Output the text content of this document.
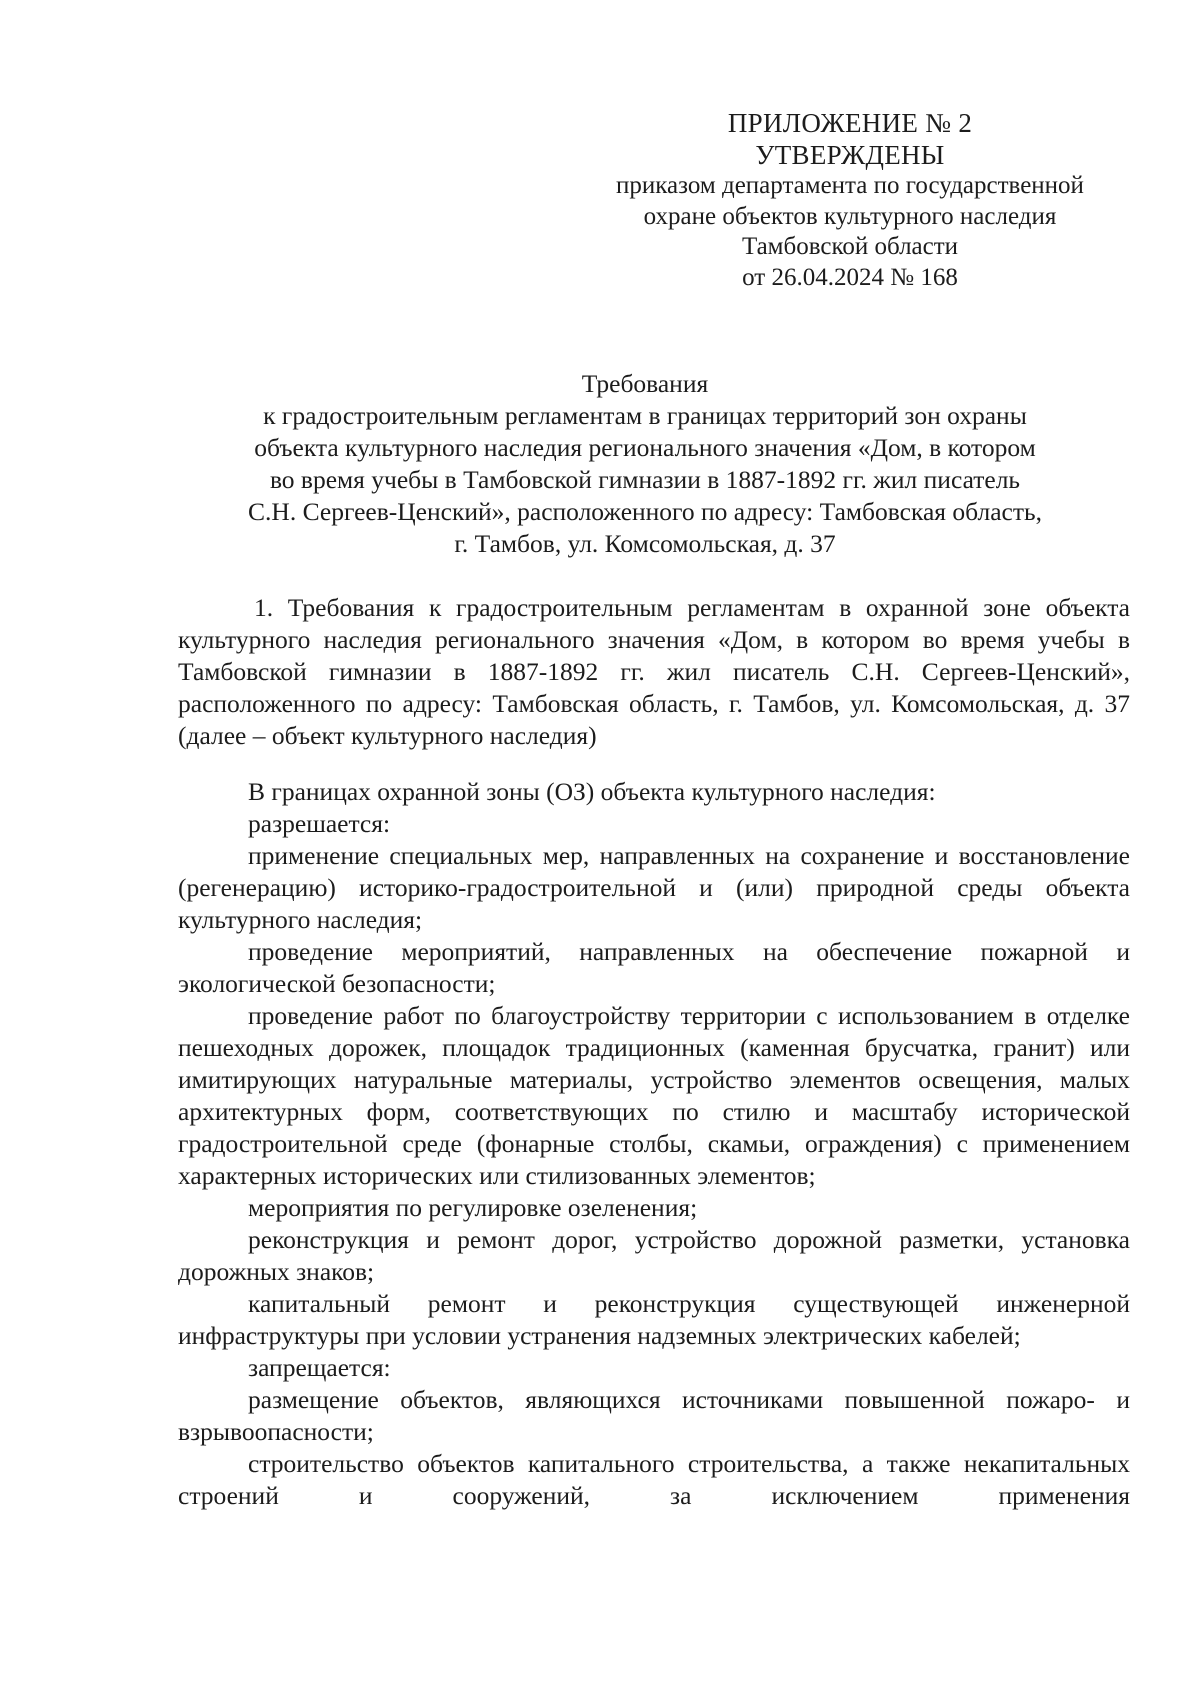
ПРИЛОЖЕНИЕ № 2
УТВЕРЖДЕНЫ
приказом департамента по государственной
охране объектов культурного наследия
Тамбовской области
от 26.04.2024 № 168
Требования
к градостроительным регламентам в границах территорий зон охраны
объекта культурного наследия регионального значения «Дом, в котором
во время учебы в Тамбовской гимназии в 1887-1892 гг. жил писатель
С.Н. Сергеев-Ценский», расположенного по адресу: Тамбовская область,
г. Тамбов, ул. Комсомольская, д. 37

1. Требования к градостроительным регламентам в охранной зоне объекта культурного наследия регионального значения «Дом, в котором во время учебы в Тамбовской гимназии в 1887-1892 гг. жил писатель С.Н. Сергеев-Ценский», расположенного по адресу: Тамбовская область, г. Тамбов, ул. Комсомольская, д. 37 (далее – объект культурного наследия)

В границах охранной зоны (ОЗ) объекта культурного наследия:

разрешается:

применение специальных мер, направленных на сохранение и восстановление (регенерацию) историко-градостроительной и (или) природной среды объекта культурного наследия;

проведение мероприятий, направленных на обеспечение пожарной и экологической безопасности;

проведение работ по благоустройству территории с использованием в отделке пешеходных дорожек, площадок традиционных (каменная брусчатка, гранит) или имитирующих натуральные материалы, устройство элементов освещения, малых архитектурных форм, соответствующих по стилю и масштабу исторической градостроительной среде (фонарные столбы, скамьи, ограждения) с применением характерных исторических или стилизованных элементов;

мероприятия по регулировке озеленения;

реконструкция и ремонт дорог, устройство дорожной разметки, установка дорожных знаков;

капитальный ремонт и реконструкция существующей инженерной инфраструктуры при условии устранения надземных электрических кабелей;

запрещается:

размещение объектов, являющихся источниками повышенной пожаро- и взрывоопасности;

строительство объектов капитального строительства, а также некапитальных строений и сооружений, за исключением применения
